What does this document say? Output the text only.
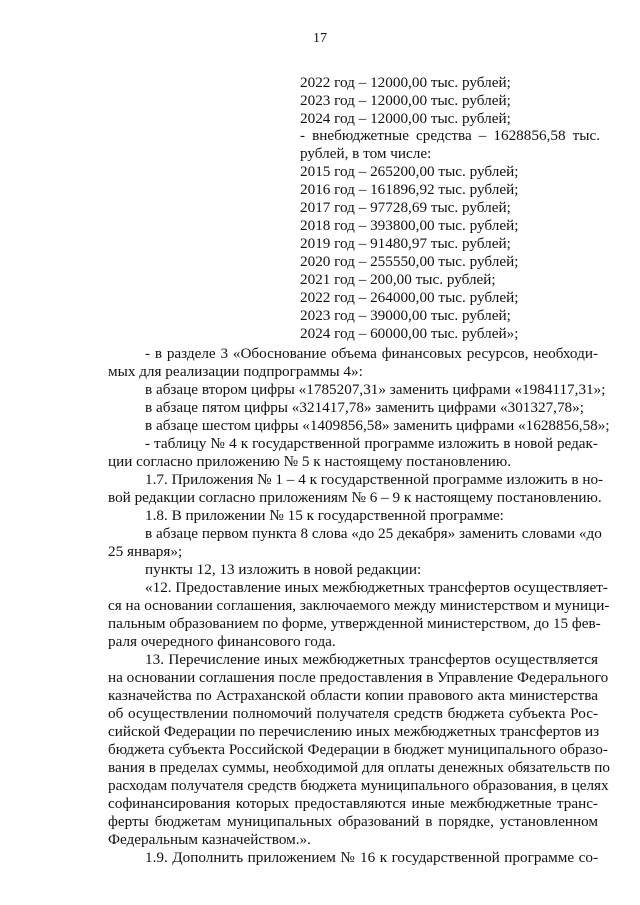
17
2022 год – 12000,00 тыс. рублей;
2023 год – 12000,00 тыс. рублей;
2024 год – 12000,00 тыс. рублей;
- внебюджетные средства – 1628856,58 тыс.
рублей, в том числе:
2015 год – 265200,00 тыс. рублей;
2016 год – 161896,92 тыс. рублей;
2017 год – 97728,69 тыс. рублей;
2018 год – 393800,00 тыс. рублей;
2019 год – 91480,97 тыс. рублей;
2020 год – 255550,00 тыс. рублей;
2021 год – 200,00 тыс. рублей;
2022 год – 264000,00 тыс. рублей;
2023 год – 39000,00 тыс. рублей;
2024 год – 60000,00 тыс. рублей»;
- в разделе 3 «Обоснование объема финансовых ресурсов, необходи-
мых для реализации подпрограммы 4»:
в абзаце втором цифры «1785207,31» заменить цифрами «1984117,31»;
в абзаце пятом цифры «321417,78» заменить цифрами «301327,78»;
в абзаце шестом цифры «1409856,58» заменить цифрами «1628856,58»;
- таблицу № 4 к государственной программе изложить в новой редак-
ции согласно приложению № 5 к настоящему постановлению.
1.7. Приложения № 1 – 4 к государственной программе изложить в но-
вой редакции согласно приложениям № 6 – 9 к настоящему постановлению.
1.8. В приложении № 15 к государственной программе:
в абзаце первом пункта 8 слова «до 25 декабря» заменить словами «до
25 января»;
пункты 12, 13 изложить в новой редакции:
«12. Предоставление иных межбюджетных трансфертов осуществляет-
ся на основании соглашения, заключаемого между министерством и муници-
пальным образованием по форме, утвержденной министерством, до 15 фев-
раля очередного финансового года.
13. Перечисление иных межбюджетных трансфертов осуществляется
на основании соглашения после предоставления в Управление Федерального
казначейства по Астраханской области копии правового акта министерства
об осуществлении полномочий получателя средств бюджета субъекта Рос-
сийской Федерации по перечислению иных межбюджетных трансфертов из
бюджета субъекта Российской Федерации в бюджет муниципального образо-
вания в пределах суммы, необходимой для оплаты денежных обязательств по
расходам получателя средств бюджета муниципального образования, в целях
софинансирования которых предоставляются иные межбюджетные транс-
ферты бюджетам муниципальных образований в порядке, установленном
Федеральным казначейством.».
1.9. Дополнить приложением № 16 к государственной программе со-
